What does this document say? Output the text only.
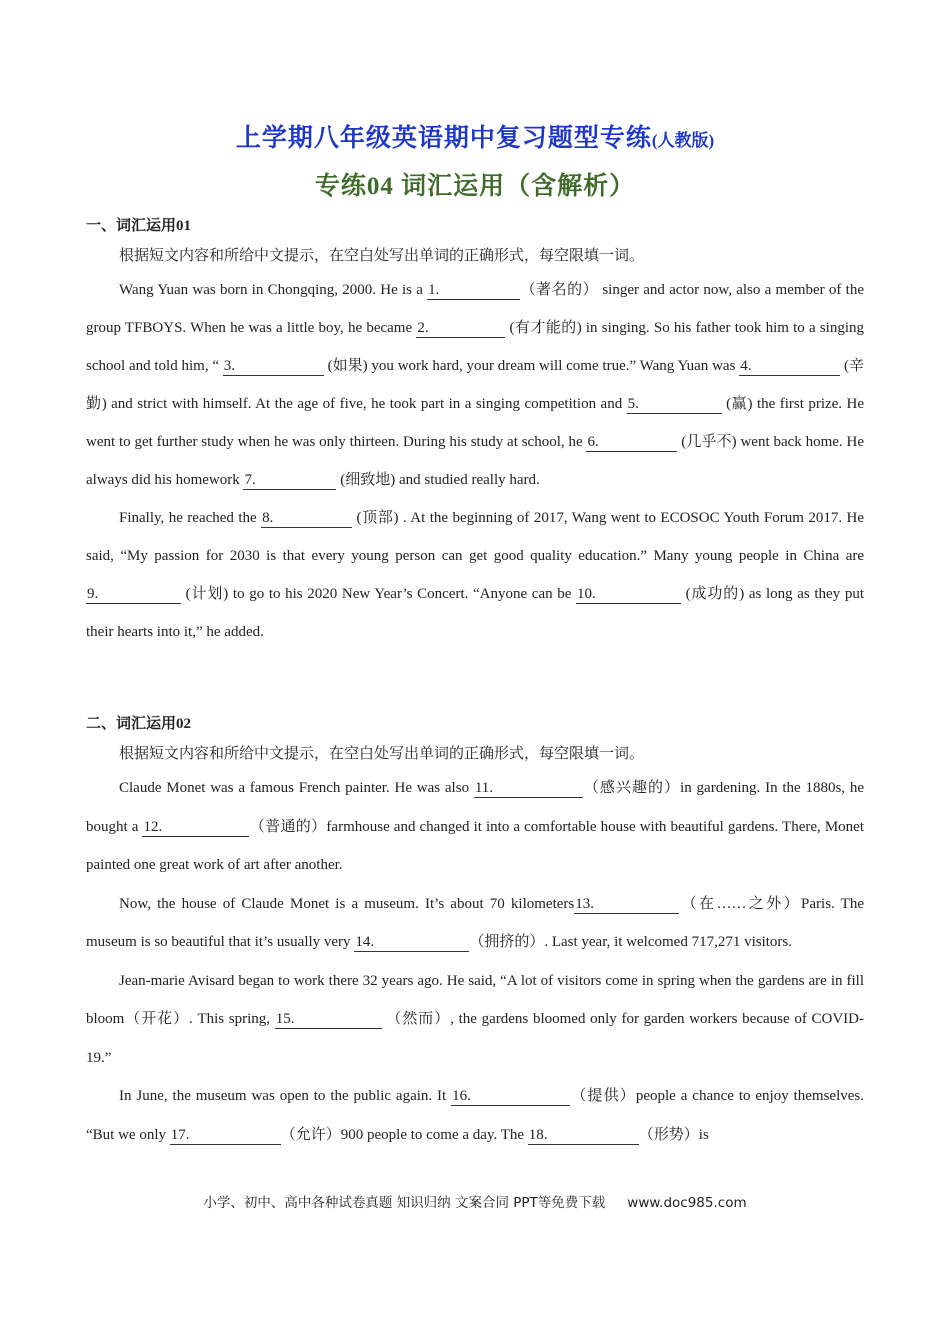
上学期八年级英语期中复习题型专练(人教版)
专练04 词汇运用（含解析）
一、词汇运用01
根据短文内容和所给中文提示，在空白处写出单词的正确形式，每空限填一词。
Wang Yuan was born in Chongqing, 2000. He is a 1.	（著名的） singer and actor now, also a member of the group TFBOYS. When he was a little boy, he became 2.	(有才能的) in singing. So his father took him to a singing school and told him, “ 3.	(如果) you work hard, your dream will come true.” Wang Yuan was 4.	(辛勤) and strict with himself. At the age of five, he took part in a singing competition and 5.	(赢) the first prize. He went to get further study when he was only thirteen. During his study at school, he 6.	(几乎不) went back home. He always did his homework 7.	(细致地) and studied really hard.
Finally, he reached the 8.	(顶部) . At the beginning of 2017, Wang went to ECOSOC Youth Forum 2017. He said, “My passion for 2030 is that every young person can get good quality education.” Many young people in China are 9.	(计划) to go to his 2020 New Year’s Concert. “Anyone can be 10.	(成功的) as long as they put their hearts into it,” he added.
二、词汇运用02
根据短文内容和所给中文提示，在空白处写出单词的正确形式，每空限填一词。
Claude Monet was a famous French painter. He was also 11.	（感兴趣的）in gardening. In the 1880s, he bought a 12.	（普通的）farmhouse and changed it into a comfortable house with beautiful gardens. There, Monet painted one great work of art after another.
Now, the house of Claude Monet is a museum. It’s about 70 kilometers13.	（在……之外）Paris. The museum is so beautiful that it’s usually very 14.	（拥挤的）. Last year, it welcomed 717,271 visitors.
Jean-marie Avisard began to work there 32 years ago. He said, “A lot of visitors come in spring when the gardens are in fill bloom（开花）. This spring, 15.	（然而）, the gardens bloomed only for garden workers because of COVID-19.”
In June, the museum was open to the public again. It 16.	（提供）people a chance to enjoy themselves. “But we only 17.	（允许）900 people to come a day. The 18.	（形势）is
小学、初中、高中各种试卷真题 知识归纳 文案合同 PPT等免费下载 www.doc985.com
